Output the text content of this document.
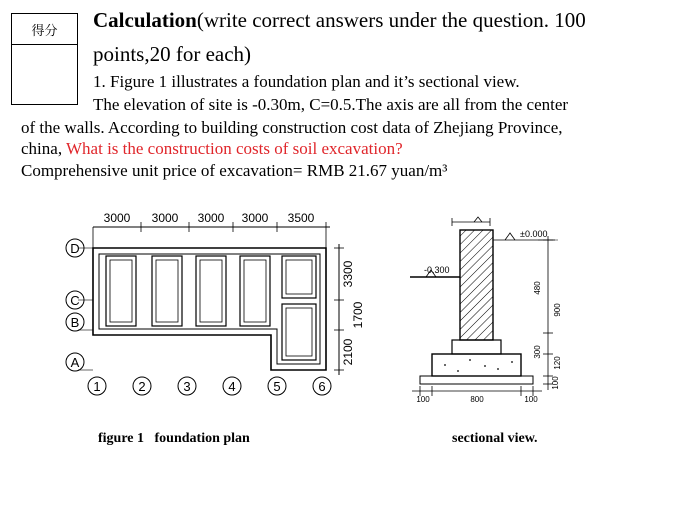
得分	Calculation(write correct answers under the question. 100
points,20 for each)
1. Figure 1 illustrates a foundation plan and it’s sectional view.
The elevation of site is -0.30m, C=0.5.The axis are all from the center
of the walls. According to building construction cost data of Zhejiang Province,
china, What is the construction costs of soil excavation?
Comprehensive unit price of excavation= RMB 21.67 yuan/m³
3000 3000 3000 3000 3500
3300
1700
2100
D
C
B
A
1	2	3	4	5	6
±0.000
-0.300
480
900
300
120
100
100	800	100
figure 1 foundation plan	sectional view.
